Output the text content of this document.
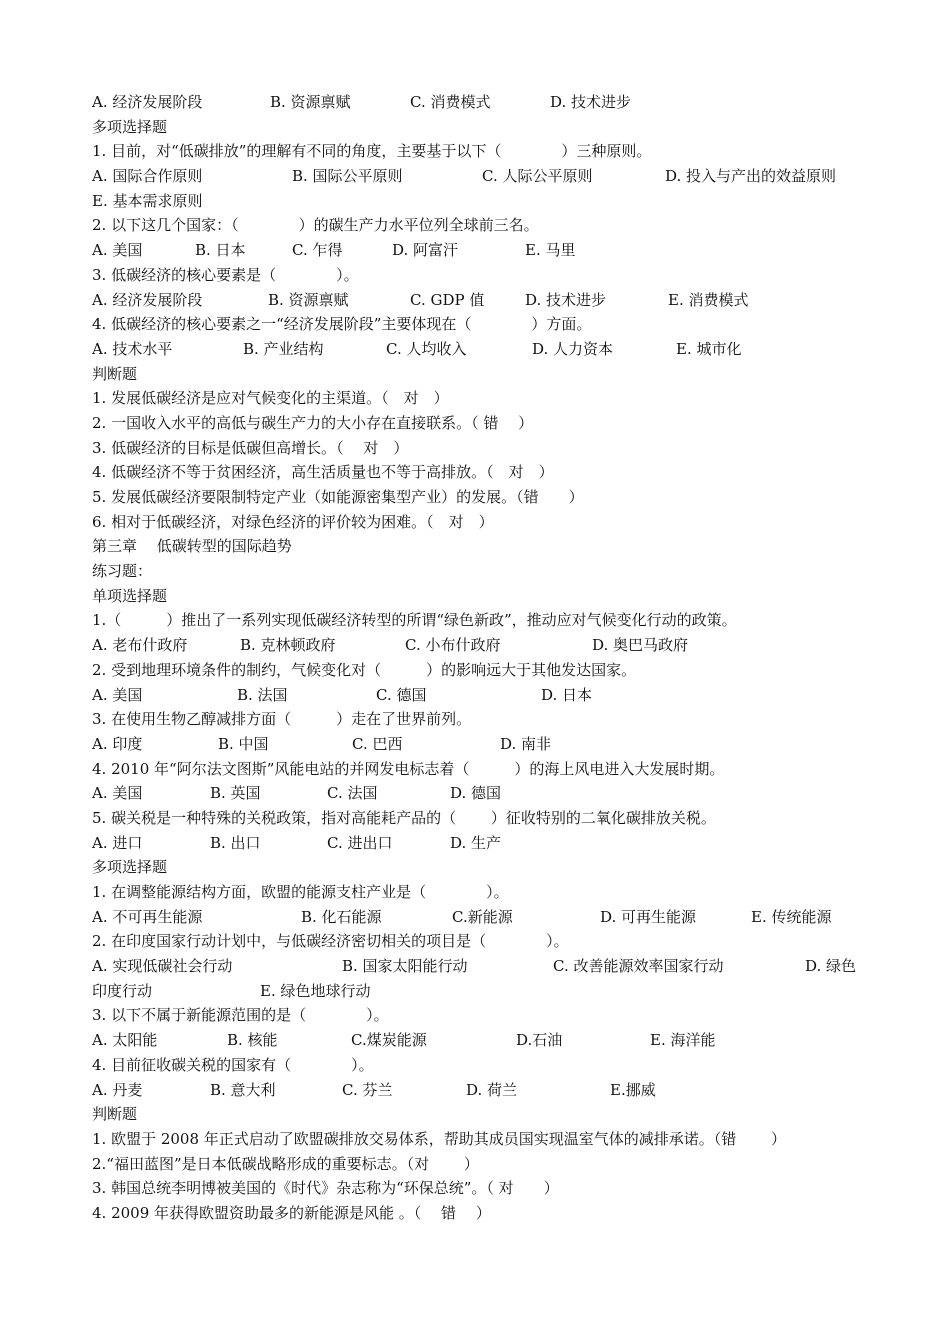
A. 经济发展阶段	B. 资源禀赋	C. 消费模式	D. 技术进步
多项选择题
1. 目前，对“低碳排放”的理解有不同的角度，主要基于以下（　　　　）三种原则。
A. 国际合作原则	B. 国际公平原则	C. 人际公平原则	D. 投入与产出的效益原则
E. 基本需求原则
2. 以下这几个国家：（　　　　）的碳生产力水平位列全球前三名。
A. 美国	B. 日本	C. 乍得	D. 阿富汗	E. 马里
3. 低碳经济的核心要素是（　　　　）。
A. 经济发展阶段	B. 资源禀赋	C. GDP 值	D. 技术进步	E. 消费模式
4. 低碳经济的核心要素之一“经济发展阶段”主要体现在（　　　　）方面。
A. 技术水平	B. 产业结构	C. 人均收入	D. 人力资本	E. 城市化
判断题
1. 发展低碳经济是应对气候变化的主渠道。（　对　）
2. 一国收入水平的高低与碳生产力的大小存在直接联系。（ 错　 ）
3. 低碳经济的目标是低碳但高增长。（　 对　）
4. 低碳经济不等于贫困经济，高生活质量也不等于高排放。（　对　）
5. 发展低碳经济要限制特定产业（如能源密集型产业）的发展。（错　　）
6. 相对于低碳经济，对绿色经济的评价较为困难。（　对　）
第三章　 低碳转型的国际趋势
练习题：
单项选择题
1.（　　　）推出了一系列实现低碳经济转型的所谓“绿色新政”，推动应对气候变化行动的政策。
A. 老布什政府	B. 克林顿政府	C. 小布什政府	D. 奥巴马政府
2. 受到地理环境条件的制约，气候变化对（　　　）的影响远大于其他发达国家。
A. 美国	B. 法国	C. 德国	D. 日本
3. 在使用生物乙醇减排方面（　　　）走在了世界前列。
A. 印度	B. 中国	C. 巴西	D. 南非
4. 2010 年“阿尔法文图斯”风能电站的并网发电标志着（　　　）的海上风电进入大发展时期。
A. 美国	B. 英国	C. 法国	D. 德国
5. 碳关税是一种特殊的关税政策，指对高能耗产品的（　　 ）征收特别的二氧化碳排放关税。
A. 进口	B. 出口	C. 进出口	D. 生产
多项选择题
1. 在调整能源结构方面，欧盟的能源支柱产业是（　　　　）。
A. 不可再生能源	B. 化石能源	C.新能源	D. 可再生能源	E. 传统能源
2. 在印度国家行动计划中，与低碳经济密切相关的项目是（　　　　）。
A. 实现低碳社会行动	B. 国家太阳能行动	C. 改善能源效率国家行动	D. 绿色
印度行动	E. 绿色地球行动
3. 以下不属于新能源范围的是（　　　　）。
A. 太阳能	B. 核能	C.煤炭能源	D.石油	E. 海洋能
4. 目前征收碳关税的国家有（　　　　）。
A. 丹麦	B. 意大利	C. 芬兰	D. 荷兰	E.挪威
判断题
1. 欧盟于 2008 年正式启动了欧盟碳排放交易体系，帮助其成员国实现温室气体的减排承诺。（错　　 ）
2.“福田蓝图”是日本低碳战略形成的重要标志。（对　　 ）
3. 韩国总统李明博被美国的《时代》杂志称为“环保总统”。（ 对　　）
4. 2009 年获得欧盟资助最多的新能源是风能 。（　 错　 ）
